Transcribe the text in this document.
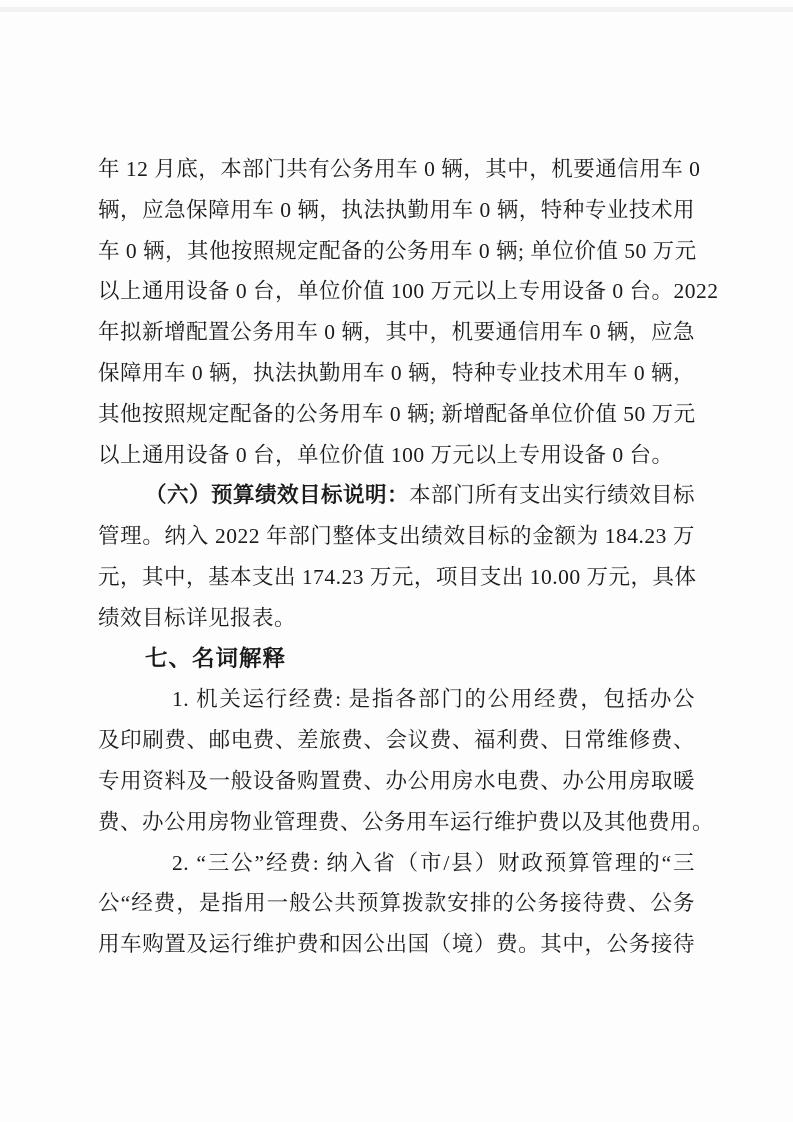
年 12 月底，本部门共有公务用车 0 辆，其中，机要通信用车 0
辆，应急保障用车 0 辆，执法执勤用车 0 辆，特种专业技术用
车 0 辆，其他按照规定配备的公务用车 0 辆; 单位价值 50 万元
以上通用设备 0 台，单位价值 100 万元以上专用设备 0 台。2022
年拟新增配置公务用车 0 辆，其中，机要通信用车 0 辆，应急
保障用车 0 辆，执法执勤用车 0 辆，特种专业技术用车 0 辆，
其他按照规定配备的公务用车 0 辆; 新增配备单位价值 50 万元
以上通用设备 0 台，单位价值 100 万元以上专用设备 0 台。
（六）预算绩效目标说明：本部门所有支出实行绩效目标
管理。纳入 2022 年部门整体支出绩效目标的金额为 184.23 万
元，其中，基本支出 174.23 万元，项目支出 10.00 万元，具体
绩效目标详见报表。
七、名词解释
1. 机关运行经费: 是指各部门的公用经费，包括办公
及印刷费、邮电费、差旅费、会议费、福利费、日常维修费、
专用资料及一般设备购置费、办公用房水电费、办公用房取暖
费、办公用房物业管理费、公务用车运行维护费以及其他费用。
2. “三公”经费: 纳入省（市/县）财政预算管理的“三
公“经费，是指用一般公共预算拨款安排的公务接待费、公务
用车购置及运行维护费和因公出国（境）费。其中，公务接待
